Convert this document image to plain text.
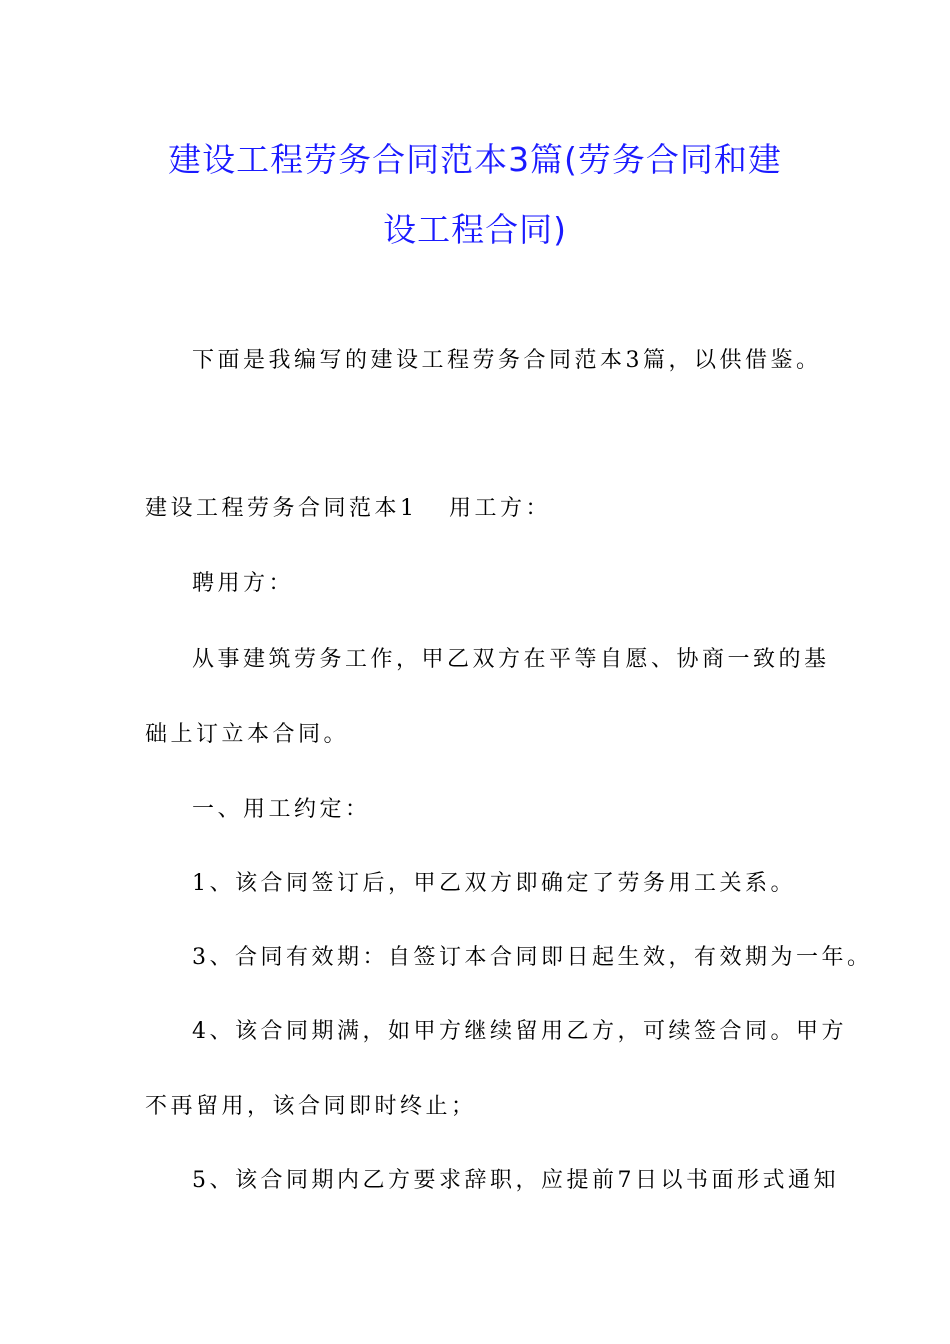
建设工程劳务合同范本3篇(劳务合同和建
设工程合同)

下面是我编写的建设工程劳务合同范本3篇，以供借鉴。

建设工程劳务合同范本1 用工方：

聘用方：

从事建筑劳务工作，甲乙双方在平等自愿、协商一致的基

础上订立本合同。

一、用工约定：

1、该合同签订后，甲乙双方即确定了劳务用工关系。

3、合同有效期：自签订本合同即日起生效，有效期为一年。

4、该合同期满，如甲方继续留用乙方，可续签合同。甲方

不再留用，该合同即时终止；

5、该合同期内乙方要求辞职，应提前7日以书面形式通知
